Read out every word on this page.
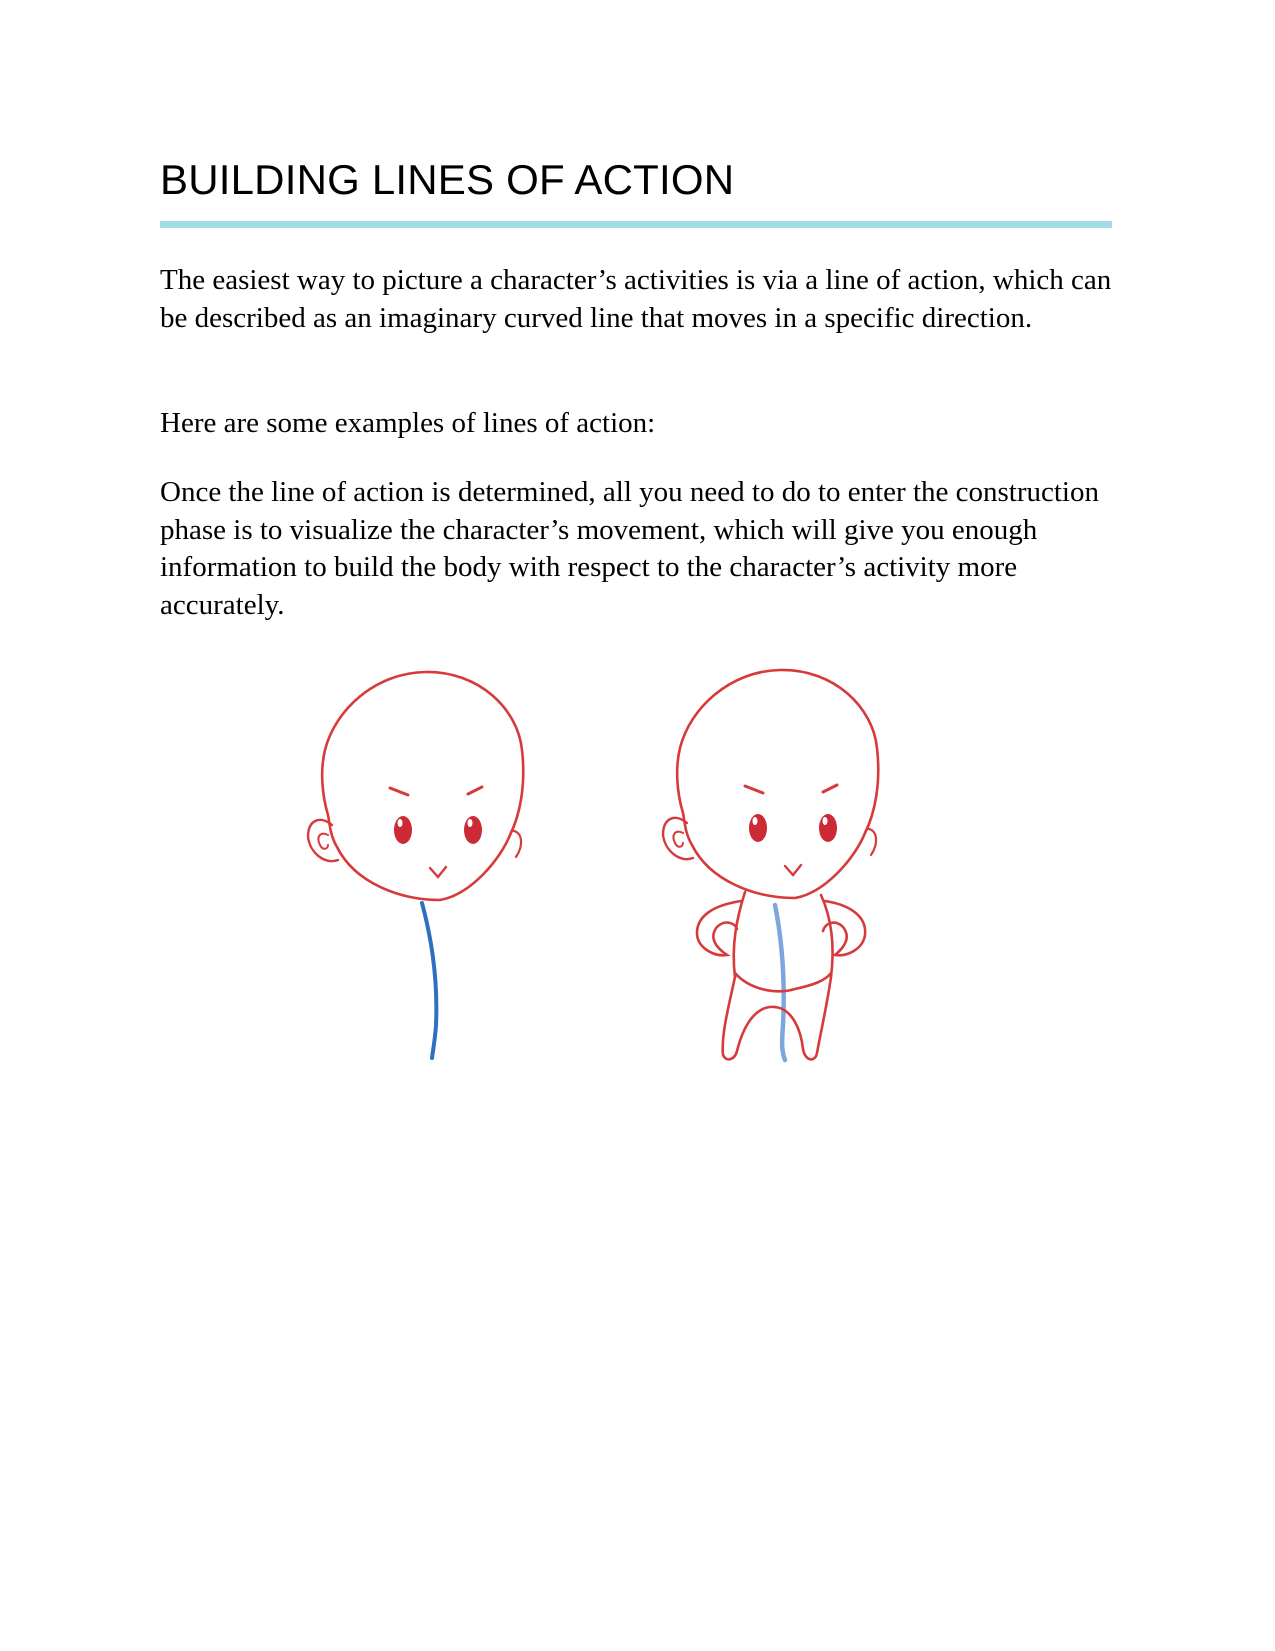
BUILDING LINES OF ACTION

The easiest way to picture a character’s activities is via a line of action, which can be described as an imaginary curved line that moves in a specific direction.

Here are some examples of lines of action:

Once the line of action is determined, all you need to do to enter the construction phase is to visualize the character’s movement, which will give you enough information to build the body with respect to the character’s activity more accurately.
